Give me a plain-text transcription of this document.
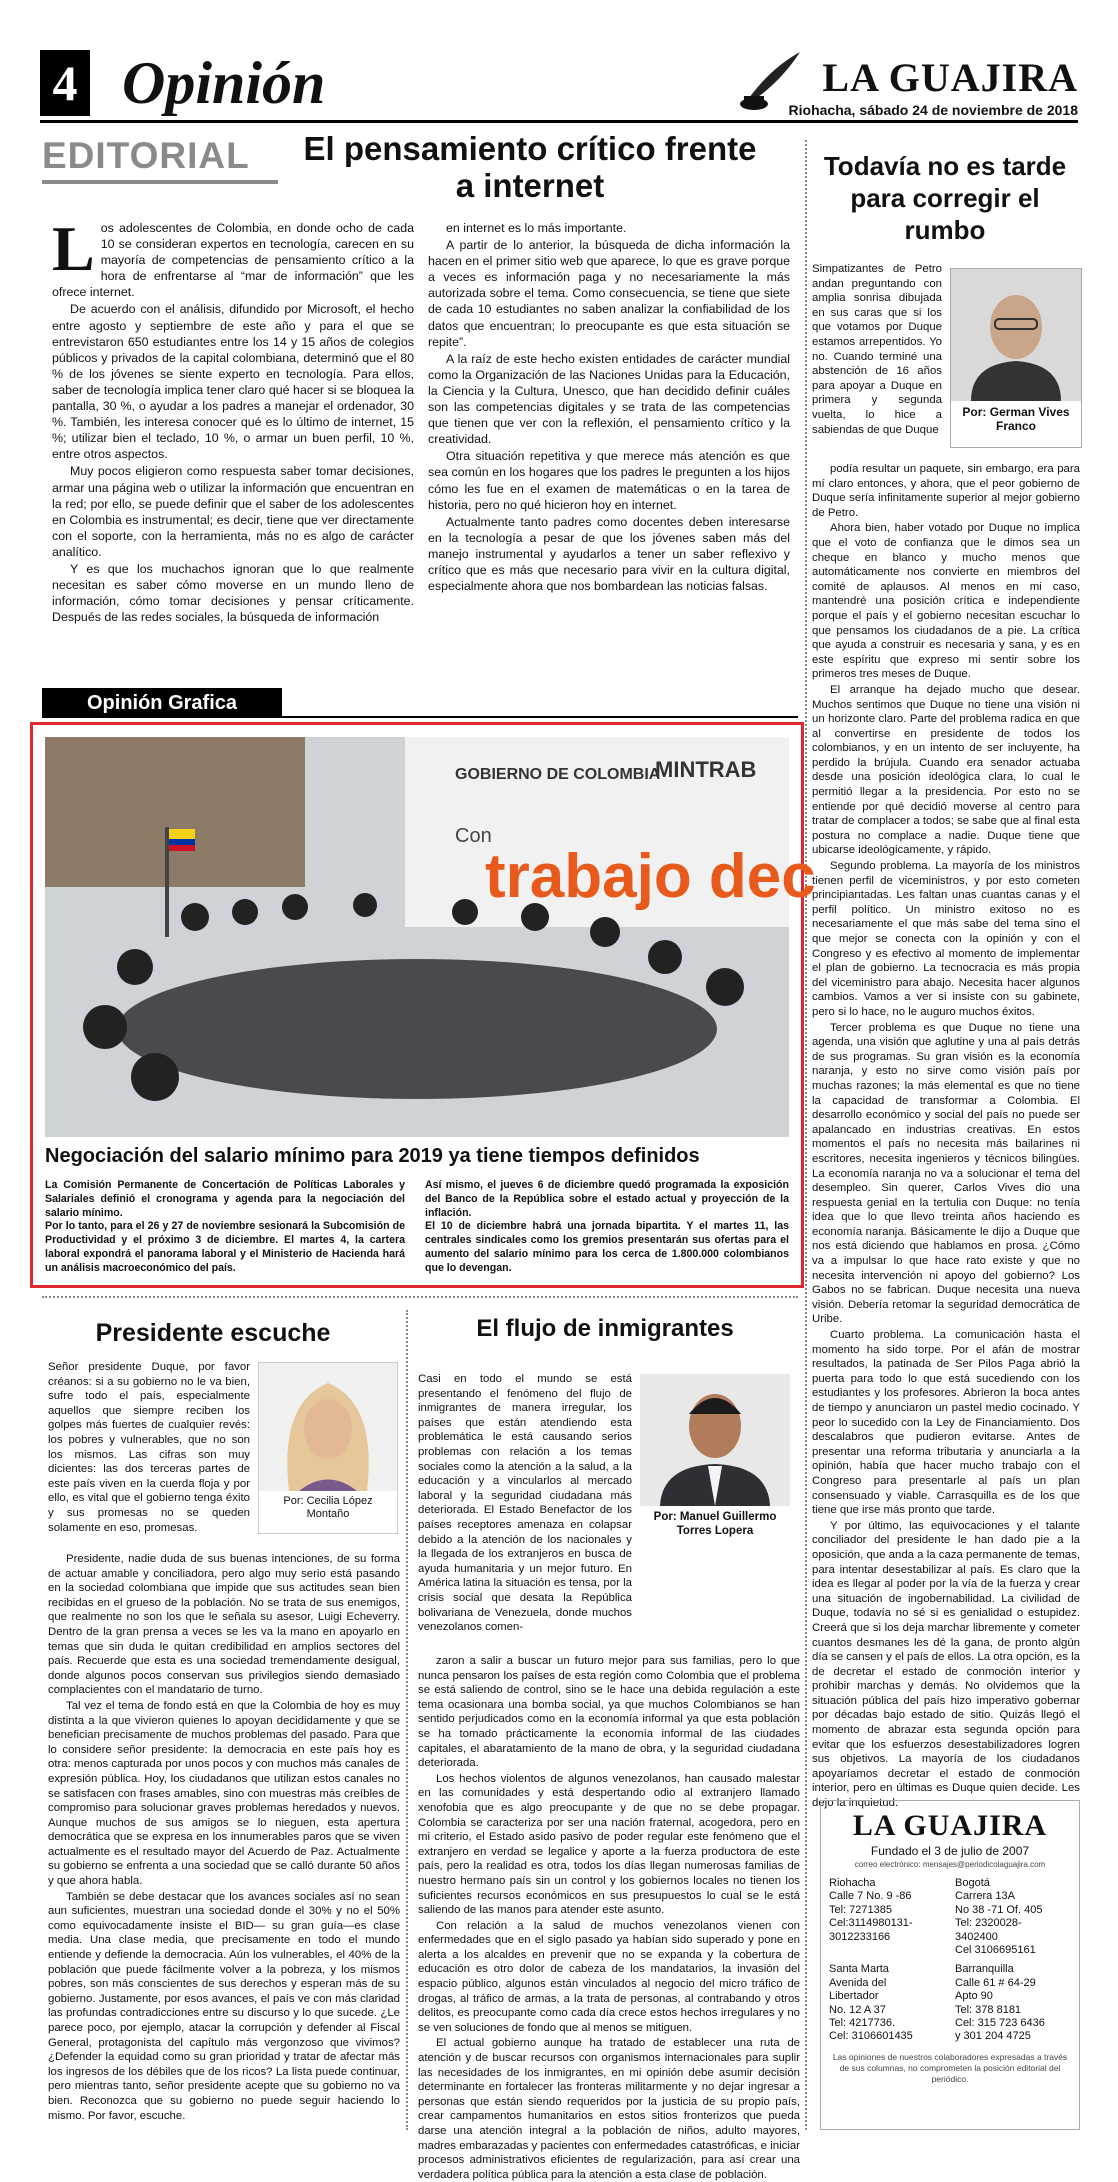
4 Opinión	LA GUAJIRA
Riohacha, sábado 24 de noviembre de 2018
EDITORIAL	El pensamiento crítico frente a internet
L os adolescentes de Colombia, en donde ocho de cada 10 se consideran expertos en tecnología, carecen en su mayoría de competencias de pensamiento crítico a la hora de enfrentarse al “mar de información” que les ofrece internet.

De acuerdo con el análisis, difundido por Microsoft, el hecho entre agosto y septiembre de este año y para el que se entrevistaron 650 estudiantes entre los 14 y 15 años de colegios públicos y privados de la capital colombiana, determinó que el 80 % de los jóvenes se siente experto en tecnología. Para ellos, saber de tecnología implica tener claro qué hacer si se bloquea la pantalla, 30 %, o ayudar a los padres a manejar el ordenador, 30 %. También, les interesa conocer qué es lo último de internet, 15 %; utilizar bien el teclado, 10 %, o armar un buen perfil, 10 %, entre otros aspectos.

Muy pocos eligieron como respuesta saber tomar decisiones, armar una página web o utilizar la información que encuentran en la red; por ello, se puede definir que el saber de los adolescentes en Colombia es instrumental; es decir, tiene que ver directamente con el soporte, con la herramienta, más no es algo de carácter analítico.

Y es que los muchachos ignoran que lo que realmente necesitan es saber cómo moverse en un mundo lleno de información, cómo tomar decisiones y pensar críticamente. Después de las redes sociales, la búsqueda de información

en internet es lo más importante.

A partir de lo anterior, la búsqueda de dicha información la hacen en el primer sitio web que aparece, lo que es grave porque a veces es información paga y no necesariamente la más autorizada sobre el tema. Como consecuencia, se tiene que siete de cada 10 estudiantes no saben analizar la confiabilidad de los datos que encuentran; lo preocupante es que esta situación se repite”.

A la raíz de este hecho existen entidades de carácter mundial como la Organización de las Naciones Unidas para la Educación, la Ciencia y la Cultura, Unesco, que han decidido definir cuáles son las competencias digitales y se trata de las competencias que tienen que ver con la reflexión, el pensamiento crítico y la creatividad.

Otra situación repetitiva y que merece más atención es que sea común en los hogares que los padres le pregunten a los hijos cómo les fue en el examen de matemáticas o en la tarea de historia, pero no qué hicieron hoy en internet.

Actualmente tanto padres como docentes deben interesarse en la tecnología a pesar de que los jóvenes saben más del manejo instrumental y ayudarlos a tener un saber reflexivo y crítico que es más que necesario para vivir en la cultura digital, especialmente ahora que nos bombardean las noticias falsas.

Todavía no es tarde para corregir el rumbo
Por: German Vives Franco
Simpatizantes de Petro andan preguntando con amplia sonrisa dibujada en sus caras que si los que votamos por Duque estamos arrepentidos. Yo no. Cuando terminé una abstención de 16 años para apoyar a Duque en primera y segunda vuelta, lo hice a sabiendas de que Duque

podía resultar un paquete, sin embargo, era para mí claro entonces, y ahora, que el peor gobierno de Duque sería infinitamente superior al mejor gobierno de Petro.

Ahora bien, haber votado por Duque no implica que el voto de confianza que le dimos sea un cheque en blanco y mucho menos que automáticamente nos convierte en miembros del comité de aplausos. Al menos en mi caso, mantendré una posición crítica e independiente porque el país y el gobierno necesitan escuchar lo que pensamos los ciudadanos de a pie. La crítica que ayuda a construir es necesaria y sana, y es en este espíritu que expreso mi sentir sobre los primeros tres meses de Duque.

El arranque ha dejado mucho que desear. Muchos sentimos que Duque no tiene una visión ni un horizonte claro. Parte del problema radica en que al convertirse en presidente de todos los colombianos, y en un intento de ser incluyente, ha perdido la brújula. Cuando era senador actuaba desde una posición ideológica clara, lo cual le permitió llegar a la presidencia. Por esto no se entiende por qué decidió moverse al centro para tratar de complacer a todos; se sabe que al final esta postura no complace a nadie. Duque tiene que ubicarse ideológicamente, y rápido.

Segundo problema. La mayoría de los ministros tienen perfil de viceministros, y por esto cometen principiantadas. Les faltan unas cuantas canas y el perfil político. Un ministro exitoso no es necesariamente el que más sabe del tema sino el que mejor se conecta con la opinión y con el Congreso y es efectivo al momento de implementar el plan de gobierno. La tecnocracia es más propia del viceministro para abajo. Necesita hacer algunos cambios. Vamos a ver si insiste con su gabinete, pero si lo hace, no le auguro muchos éxitos.

Tercer problema es que Duque no tiene una agenda, una visión que aglutine y una al país detrás de sus programas. Su gran visión es la economía naranja, y esto no sirve como visión país por muchas razones; la más elemental es que no tiene la capacidad de transformar a Colombia. El desarrollo económico y social del país no puede ser apalancado en industrias creativas. En estos momentos el país no necesita más bailarines ni escritores, necesita ingenieros y técnicos bilingües. La economía naranja no va a solucionar el tema del desempleo. Sin querer, Carlos Vives dio una respuesta genial en la tertulia con Duque: no tenía idea que lo que llevo treinta años haciendo es economía naranja. Básicamente le dijo a Duque que nos está diciendo que hablamos en prosa. ¿Cómo va a impulsar lo que hace rato existe y que no necesita intervención ni apoyo del gobierno? Los Gabos no se fabrican. Duque necesita una nueva visión. Debería retomar la seguridad democrática de Uribe.

Cuarto problema. La comunicación hasta el momento ha sido torpe. Por el afán de mostrar resultados, la patinada de Ser Pilos Paga abrió la puerta para todo lo que está sucediendo con los estudiantes y los profesores. Abrieron la boca antes de tiempo y anunciaron un pastel medio cocinado. Y peor lo sucedido con la Ley de Financiamiento. Dos descalabros que pudieron evitarse. Antes de presentar una reforma tributaria y anunciarla a la opinión, había que hacer mucho trabajo con el Congreso para presentarle al país un plan consensuado y viable. Carrasquilla es de los que tiene que irse más pronto que tarde.

Y por último, las equivocaciones y el talante conciliador del presidente le han dado pie a la oposición, que anda a la caza permanente de temas, para intentar desestabilizar al país. Es claro que la idea es llegar al poder por la vía de la fuerza y crear una situación de ingobernabilidad. La civilidad de Duque, todavía no sé si es genialidad o estupidez. Creerá que si los deja marchar libremente y cometer cuantos desmanes les dé la gana, de pronto algún día se cansen y el país de ellos. La otra opción, es la de decretar el estado de conmoción interior y prohibir marchas y demás. No olvidemos que la situación pública del país hizo imperativo gobernar por décadas bajo estado de sitio. Quizás llegó el momento de abrazar esta segunda opción para evitar que los esfuerzos desestabilizadores logren sus objetivos. La mayoría de los ciudadanos apoyaríamos decretar el estado de conmoción interior, pero en últimas es Duque quien decide. Les dejo la inquietud.

Opinión Grafica
GOBIERNO DE COLOMBIA
MINTRAB
Con
trabajo dec
Negociación del salario mínimo para 2019 ya tiene tiempos definidos
La Comisión Permanente de Concertación de Políticas Laborales y Salariales definió el cronograma y agenda para la negociación del salario mínimo.
Por lo tanto, para el 26 y 27 de noviembre sesionará la Subcomisión de Productividad y el próximo 3 de diciembre. El martes 4, la cartera laboral expondrá el panorama laboral y el Ministerio de Hacienda hará un análisis macroeconómico del país.
Así mismo, el jueves 6 de diciembre quedó programada la exposición del Banco de la República sobre el estado actual y proyección de la inflación.
El 10 de diciembre habrá una jornada bipartita. Y el martes 11, las centrales sindicales como los gremios presentarán sus ofertas para el aumento del salario mínimo para los cerca de 1.800.000 colombianos que lo devengan.
Presidente escuche
Por: Cecilia López Montaño
Señor presidente Duque, por favor créanos: si a su gobierno no le va bien, sufre todo el país, especialmente aquellos que siempre reciben los golpes más fuertes de cualquier revés: los pobres y vulnerables, que no son los mismos. Las cifras son muy dicientes: las dos terceras partes de este país viven en la cuerda floja y por ello, es vital que el gobierno tenga éxito y sus promesas no se queden solamente en eso, promesas.

Presidente, nadie duda de sus buenas intenciones, de su forma de actuar amable y conciliadora, pero algo muy serio está pasando en la sociedad colombiana que impide que sus actitudes sean bien recibidas en el grueso de la población. No se trata de sus enemigos, que realmente no son los que le señala su asesor, Luigi Echeverry. Dentro de la gran prensa a veces se les va la mano en apoyarlo en temas que sin duda le quitan credibilidad en amplios sectores del país. Recuerde que esta es una sociedad tremendamente desigual, donde algunos pocos conservan sus privilegios siendo demasiado complacientes con el mandatario de turno.

Tal vez el tema de fondo está en que la Colombia de hoy es muy distinta a la que vivieron quienes lo apoyan decididamente y que se benefician precisamente de muchos problemas del pasado. Para que lo considere señor presidente: la democracia en este país hoy es otra: menos capturada por unos pocos y con muchos más canales de expresión pública. Hoy, los ciudadanos que utilizan estos canales no se satisfacen con frases amables, sino con muestras más creíbles de compromiso para solucionar graves problemas heredados y nuevos. Aunque muchos de sus amigos se lo nieguen, esta apertura democrática que se expresa en los innumerables paros que se viven actualmente es el resultado mayor del Acuerdo de Paz. Actualmente su gobierno se enfrenta a una sociedad que se calló durante 50 años y que ahora habla.

También se debe destacar que los avances sociales así no sean aun suficientes, muestran una sociedad donde el 30% y no el 50% como equivocadamente insiste el BID— su gran guía—es clase media. Una clase media, que precisamente en todo el mundo entiende y defiende la democracia. Aún los vulnerables, el 40% de la población que puede fácilmente volver a la pobreza, y los mismos pobres, son más conscientes de sus derechos y esperan más de su gobierno. Justamente, por esos avances, el país ve con más claridad las profundas contradicciones entre su discurso y lo que sucede. ¿Le parece poco, por ejemplo, atacar la corrupción y defender al Fiscal General, protagonista del capítulo más vergonzoso que vivimos? ¿Defender la equidad como su gran prioridad y tratar de afectar más los ingresos de los débiles que de los ricos? La lista puede continuar, pero mientras tanto, señor presidente acepte que su gobierno no va bien. Reconozca que su gobierno no puede seguir haciendo lo mismo. Por favor, escuche.

El flujo de inmigrantes
Por: Manuel Guillermo Torres Lopera
Casi en todo el mundo se está presentando el fenómeno del flujo de inmigrantes de manera irregular, los países que están atendiendo esta problemática le está causando serios problemas con relación a los temas sociales como la atención a la salud, a la educación y a vincularlos al mercado laboral y la seguridad ciudadana más deteriorada. El Estado Benefactor de los países receptores amenaza en colapsar debido a la atención de los nacionales y la llegada de los extranjeros en busca de ayuda humanitaria y un mejor futuro. En América latina la situación es tensa, por la crisis social que desata la República bolivariana de Venezuela, donde muchos venezolanos comen-

zaron a salir a buscar un futuro mejor para sus familias, pero lo que nunca pensaron los países de esta región como Colombia que el problema se está saliendo de control, sino se le hace una debida regulación a este tema ocasionara una bomba social, ya que muchos Colombianos se han sentido perjudicados como en la economía informal ya que esta población se ha tomado prácticamente la economía informal de las ciudades capitales, el abaratamiento de la mano de obra, y la seguridad ciudadana deteriorada.

Los hechos violentos de algunos venezolanos, han causado malestar en las comunidades y está despertando odio al extranjero llamado xenofobia que es algo preocupante y de que no se debe propagar. Colombia se caracteriza por ser una nación fraternal, acogedora, pero en mi criterio, el Estado asido pasivo de poder regular este fenómeno que el extranjero en verdad se legalice y aporte a la fuerza productora de este país, pero la realidad es otra, todos los días llegan numerosas familias de nuestro hermano país sin un control y los gobiernos locales no tienen los suficientes recursos económicos en sus presupuestos lo cual se le está saliendo de las manos para atender este asunto.

Con relación a la salud de muchos venezolanos vienen con enfermedades que en el siglo pasado ya habían sido superado y pone en alerta a los alcaldes en prevenir que no se expanda y la cobertura de educación es otro dolor de cabeza de los mandatarios, la invasión del espacio público, algunos están vinculados al negocio del micro tráfico de drogas, al tráfico de armas, a la trata de personas, al contrabando y otros delitos, es preocupante como cada día crece estos hechos irregulares y no se ven soluciones de fondo que al menos se mitiguen.

El actual gobierno aunque ha tratado de establecer una ruta de atención y de buscar recursos con organismos internacionales para suplir las necesidades de los inmigrantes, en mi opinión debe asumir decisión determinante en fortalecer las fronteras militarmente y no dejar ingresar a personas que están siendo requeridos por la justicia de su propio país, crear campamentos humanitarios en estos sitios fronterizos que pueda darse una atención integral a la población de niños, adulto mayores, madres embarazadas y pacientes con enfermedades catastróficas, e iniciar procesos administrativos eficientes de regularización, para así crear una verdadera política pública para la atención a esta clase de población.

LA GUAJIRA
Fundado el 3 de julio de 2007
correo electrónico: mensajes@periodicolaguajira.com
Riohacha
Calle 7 No. 9 -86
Tel: 7271385
Cel:3114980131-
3012233166
Bogotá
Carrera 13A
No 38 -71 Of. 405
Tel: 2320028-
3402400
Cel 3106695161
Santa Marta
Avenida del
Libertador
No. 12 A 37
Tel: 4217736.
Cel: 3106601435
Barranquilla
Calle 61 # 64-29
Apto 90
Tel: 378 8181
Cel: 315 723 6436
y 301 204 4725
Las opiniones de nuestros colaboradores expresadas a través de sus columnas, no comprometen la posición editorial del periódico.
